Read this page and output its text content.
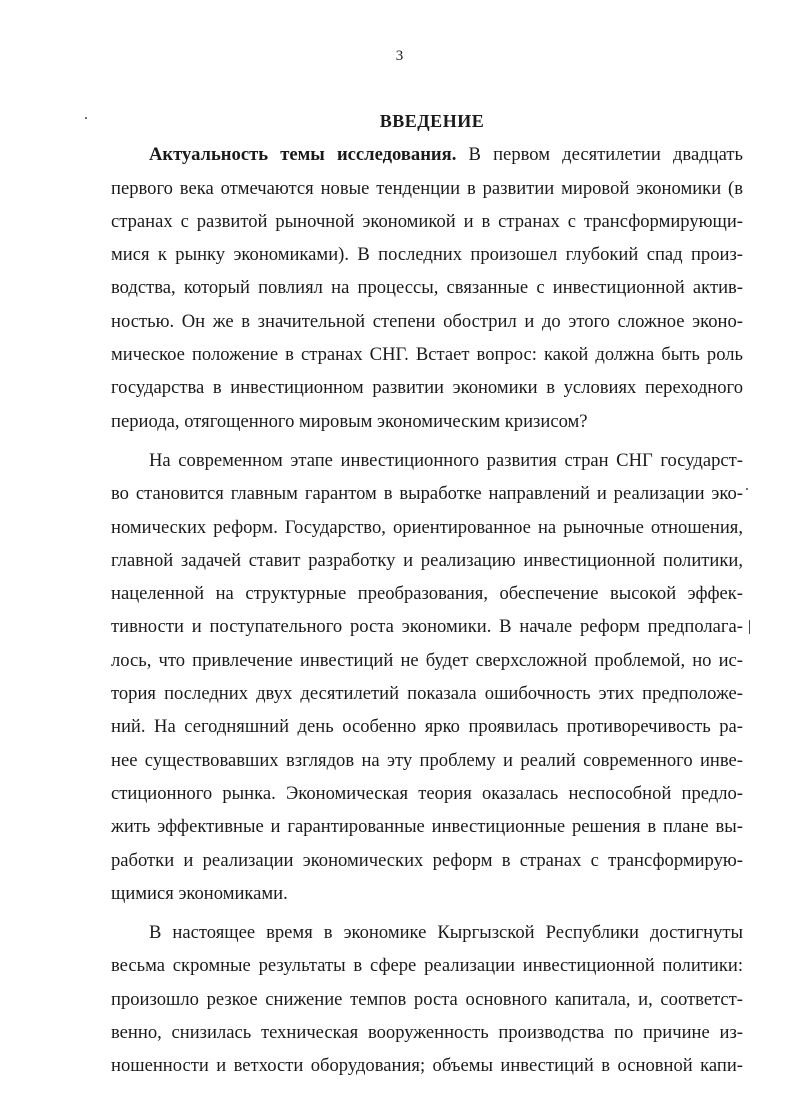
3
ВВЕДЕНИЕ
Актуальность темы исследования. В первом десятилетии двадцать
первого века отмечаются новые тенденции в развитии мировой экономики (в
странах с развитой рыночной экономикой и в странах с трансформирующи-
мися к рынку экономиками). В последних произошел глубокий спад произ-
водства, который повлиял на процессы, связанные с инвестиционной актив-
ностью. Он же в значительной степени обострил и до этого сложное эконо-
мическое положение в странах СНГ. Встает вопрос: какой должна быть роль
государства в инвестиционном развитии экономики в условиях переходного
периода, отягощенного мировым экономическим кризисом?
На современном этапе инвестиционного развития стран СНГ государст-
во становится главным гарантом в выработке направлений и реализации эко-
номических реформ. Государство, ориентированное на рыночные отношения,
главной задачей ставит разработку и реализацию инвестиционной политики,
нацеленной на структурные преобразования, обеспечение высокой эффек-
тивности и поступательного роста экономики. В начале реформ предполага-
лось, что привлечение инвестиций не будет сверхсложной проблемой, но ис-
тория последних двух десятилетий показала ошибочность этих предположе-
ний. На сегодняшний день особенно ярко проявилась противоречивость ра-
нее существовавших взглядов на эту проблему и реалий современного инве-
стиционного рынка. Экономическая теория оказалась неспособной предло-
жить эффективные и гарантированные инвестиционные решения в плане вы-
работки и реализации экономических реформ в странах с трансформирую-
щимися экономиками.
В настоящее время в экономике Кыргызской Республики достигнуты
весьма скромные результаты в сфере реализации инвестиционной политики:
произошло резкое снижение темпов роста основного капитала, и, соответст-
венно, снизилась техническая вооруженность производства по причине из-
ношенности и ветхости оборудования; объемы инвестиций в основной капи-
